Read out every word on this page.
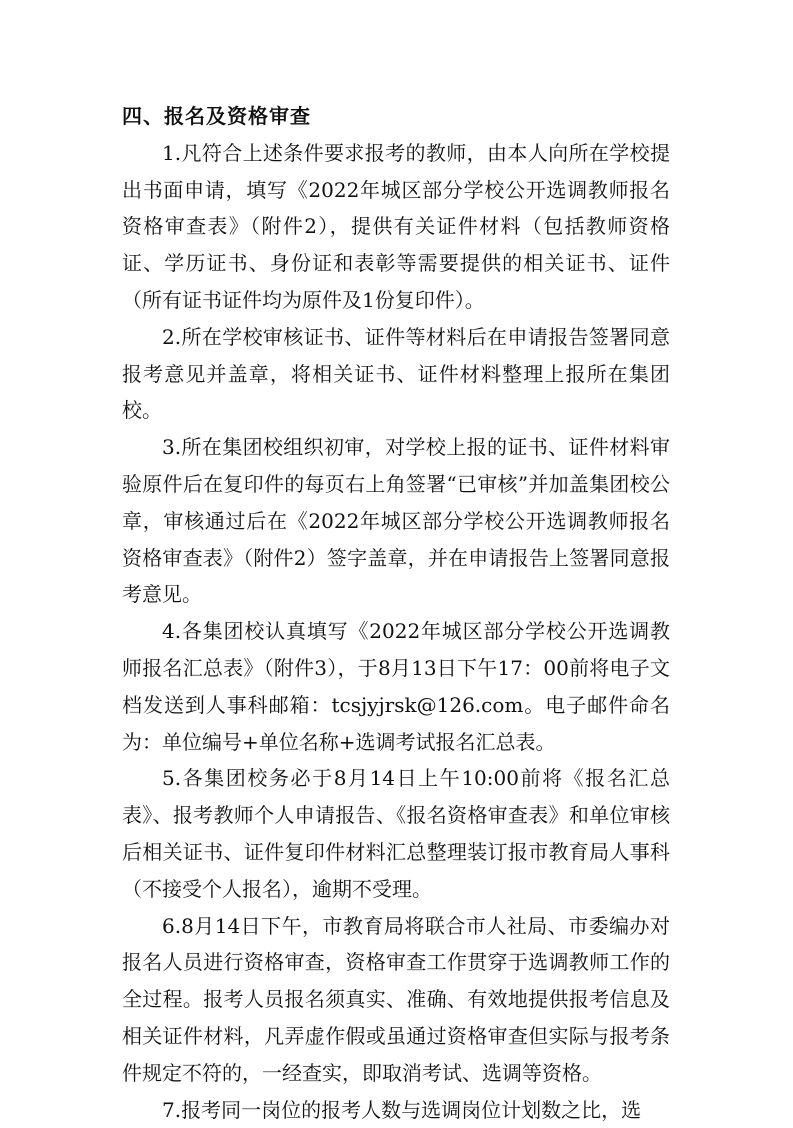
四、报名及资格审查

1.凡符合上述条件要求报考的教师，由本人向所在学校提出书面申请，填写《2022年城区部分学校公开选调教师报名资格审查表》（附件2），提供有关证件材料（包括教师资格证、学历证书、身份证和表彰等需要提供的相关证书、证件（所有证书证件均为原件及1份复印件）。

2.所在学校审核证书、证件等材料后在申请报告签署同意报考意见并盖章，将相关证书、证件材料整理上报所在集团校。

3.所在集团校组织初审，对学校上报的证书、证件材料审验原件后在复印件的每页右上角签署“已审核”并加盖集团校公章，审核通过后在《2022年城区部分学校公开选调教师报名资格审查表》（附件2）签字盖章，并在申请报告上签署同意报考意见。

4.各集团校认真填写《2022年城区部分学校公开选调教师报名汇总表》（附件3），于8月13日下午17：00前将电子文档发送到人事科邮箱：tcsjyjrsk@126.com。电子邮件命名为：单位编号+单位名称+选调考试报名汇总表。

5.各集团校务必于8月14日上午10:00前将《报名汇总表》、报考教师个人申请报告、《报名资格审查表》和单位审核后相关证书、证件复印件材料汇总整理装订报市教育局人事科（不接受个人报名），逾期不受理。

6.8月14日下午，市教育局将联合市人社局、市委编办对报名人员进行资格审查，资格审查工作贯穿于选调教师工作的全过程。报考人员报名须真实、准确、有效地提供报考信息及相关证件材料，凡弄虚作假或虽通过资格审查但实际与报考条件规定不符的，一经查实，即取消考试、选调等资格。

7.报考同一岗位的报考人数与选调岗位计划数之比，选
